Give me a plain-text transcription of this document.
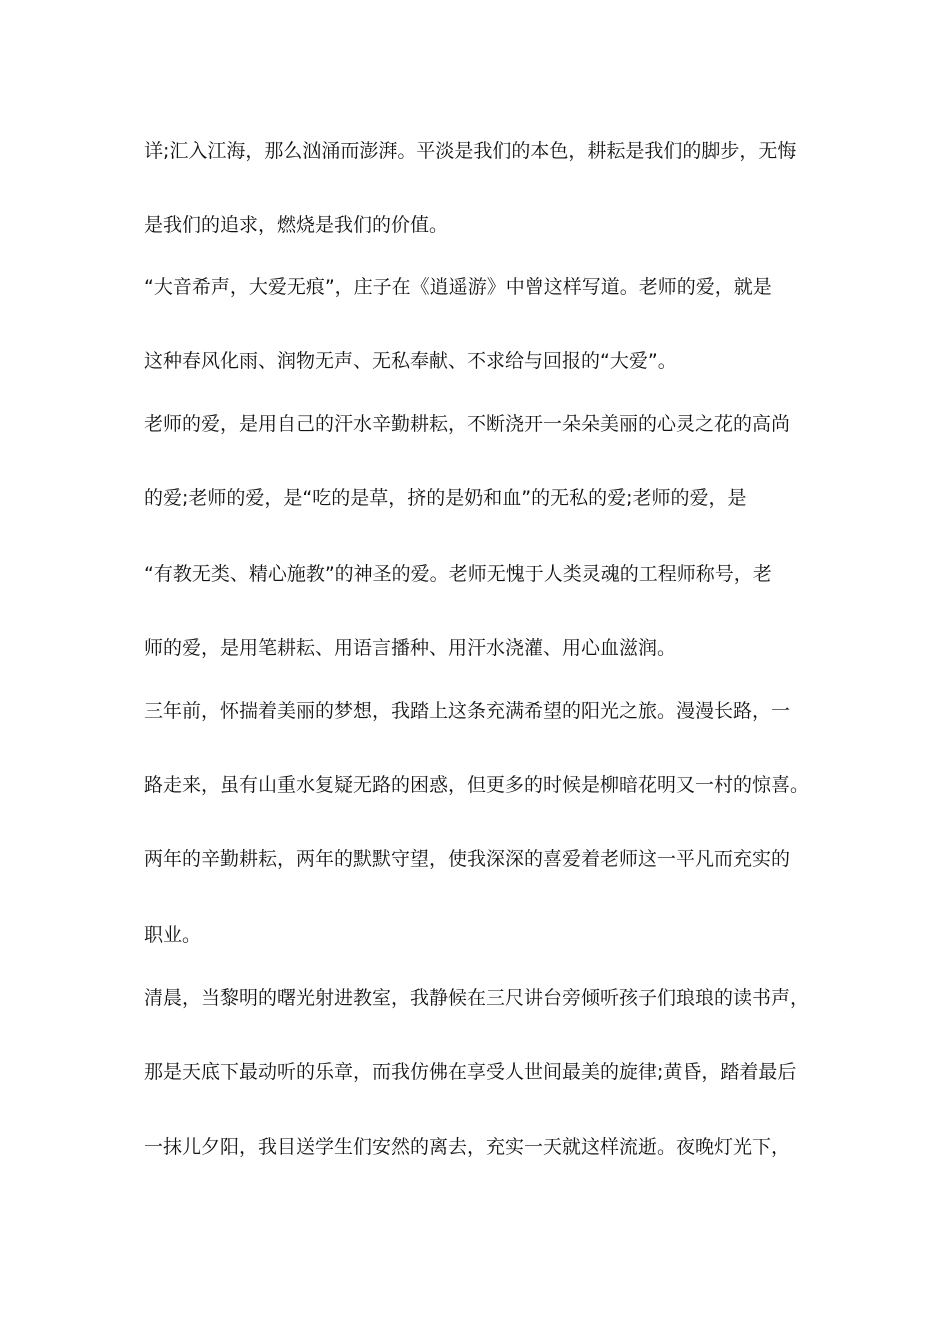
详;汇入江海，那么汹涌而澎湃。平淡是我们的本色，耕耘是我们的脚步，无悔
是我们的追求，燃烧是我们的价值。
“大音希声，大爱无痕”，庄子在《逍遥游》中曾这样写道。老师的爱，就是
这种春风化雨、润物无声、无私奉献、不求给与回报的“大爱”。
老师的爱，是用自己的汗水辛勤耕耘，不断浇开一朵朵美丽的心灵之花的高尚
的爱;老师的爱，是“吃的是草，挤的是奶和血”的无私的爱;老师的爱，是
“有教无类、精心施教”的神圣的爱。老师无愧于人类灵魂的工程师称号，老
师的爱，是用笔耕耘、用语言播种、用汗水浇灌、用心血滋润。
三年前，怀揣着美丽的梦想，我踏上这条充满希望的阳光之旅。漫漫长路，一
路走来，虽有山重水复疑无路的困惑，但更多的时候是柳暗花明又一村的惊喜。
两年的辛勤耕耘，两年的默默守望，使我深深的喜爱着老师这一平凡而充实的
职业。
清晨，当黎明的曙光射进教室，我静候在三尺讲台旁倾听孩子们琅琅的读书声，
那是天底下最动听的乐章，而我仿佛在享受人世间最美的旋律;黄昏，踏着最后
一抹儿夕阳，我目送学生们安然的离去，充实一天就这样流逝。夜晚灯光下，
